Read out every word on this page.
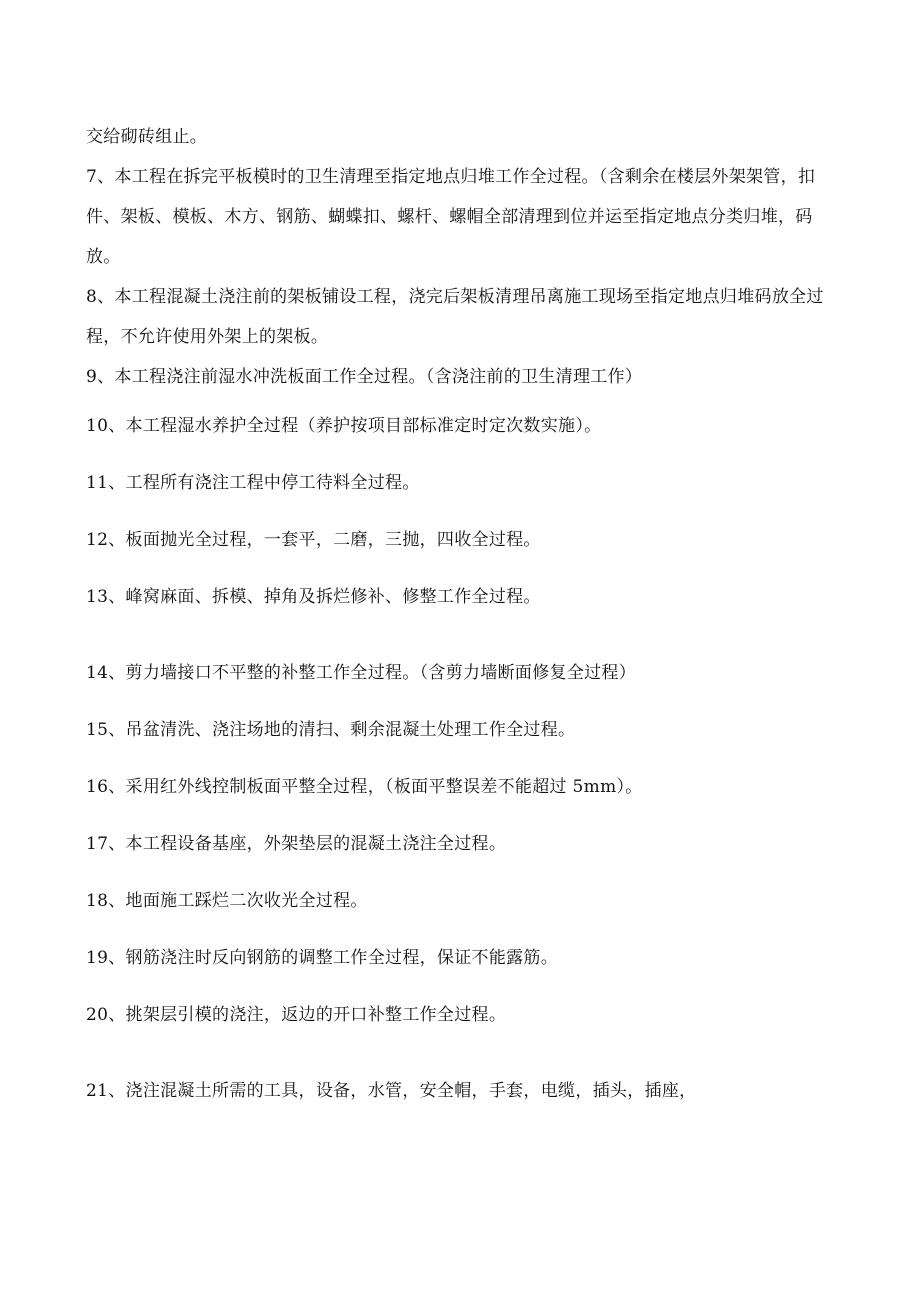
交给砌砖组止。

7、本工程在拆完平板模时的卫生清理至指定地点归堆工作全过程。（含剩余在楼层外架架管，扣件、架板、模板、木方、钢筋、蝴蝶扣、螺杆、螺帽全部清理到位并运至指定地点分类归堆，码放。

8、本工程混凝土浇注前的架板铺设工程，浇完后架板清理吊离施工现场至指定地点归堆码放全过程，不允许使用外架上的架板。

9、本工程浇注前湿水冲洗板面工作全过程。（含浇注前的卫生清理工作）

10、本工程湿水养护全过程（养护按项目部标准定时定次数实施）。

11、工程所有浇注工程中停工待料全过程。

12、板面抛光全过程，一套平，二磨，三抛，四收全过程。

13、峰窝麻面、拆模、掉角及拆烂修补、修整工作全过程。

14、剪力墙接口不平整的补整工作全过程。（含剪力墙断面修复全过程）

15、吊盆清洗、浇注场地的清扫、剩余混凝土处理工作全过程。

16、采用红外线控制板面平整全过程，（板面平整误差不能超过 5mm）。

17、本工程设备基座，外架垫层的混凝土浇注全过程。

18、地面施工踩烂二次收光全过程。

19、钢筋浇注时反向钢筋的调整工作全过程，保证不能露筋。

20、挑架层引模的浇注，返边的开口补整工作全过程。

21、浇注混凝土所需的工具，设备，水管，安全帽，手套，电缆，插头，插座，
